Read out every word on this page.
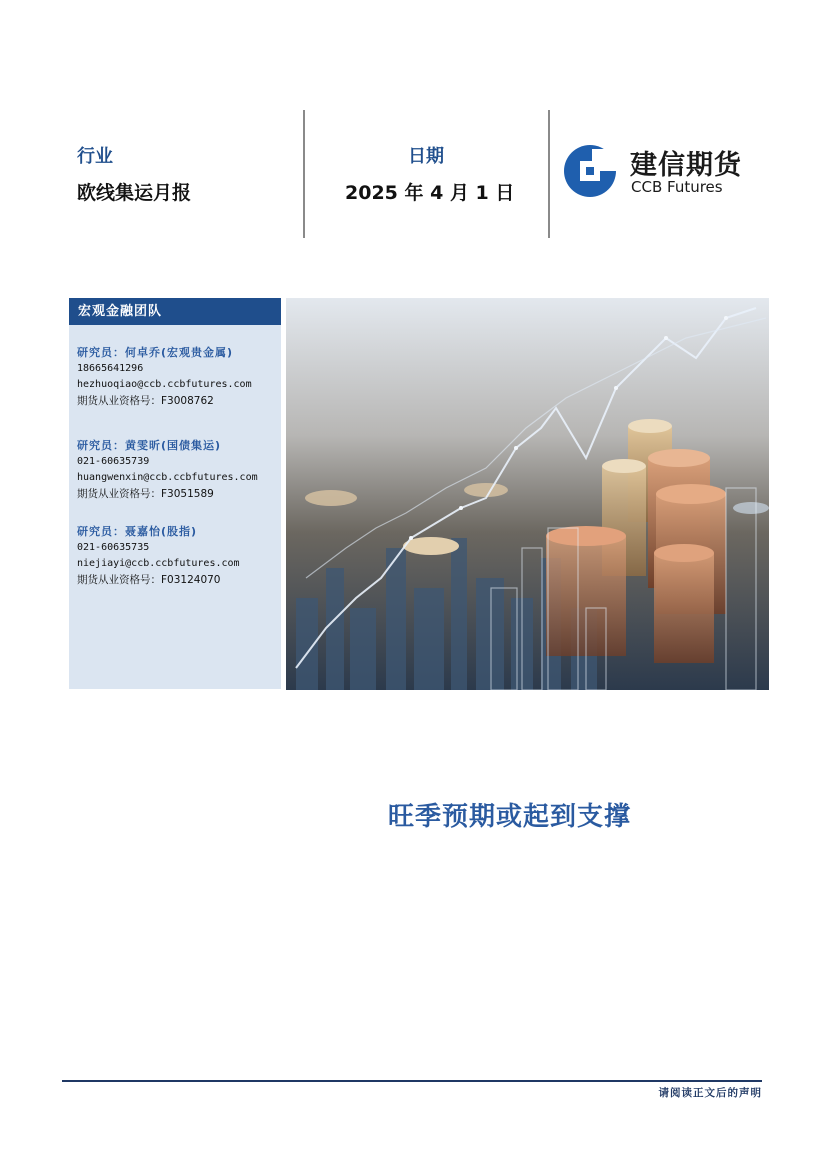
行业
欧线集运月报
日期
2025 年 4 月 1 日
建信期货
CCB Futures
宏观金融团队
研究员：何卓乔(宏观贵金属)
18665641296
hezhuoqiao@ccb.ccbfutures.com
期货从业资格号：F3008762
研究员：黄雯昕(国债集运)
021-60635739
huangwenxin@ccb.ccbfutures.com
期货从业资格号：F3051589
研究员：聂嘉怡(股指)
021-60635735
niejiayi@ccb.ccbfutures.com
期货从业资格号：F03124070
旺季预期或起到支撑
请阅读正文后的声明
